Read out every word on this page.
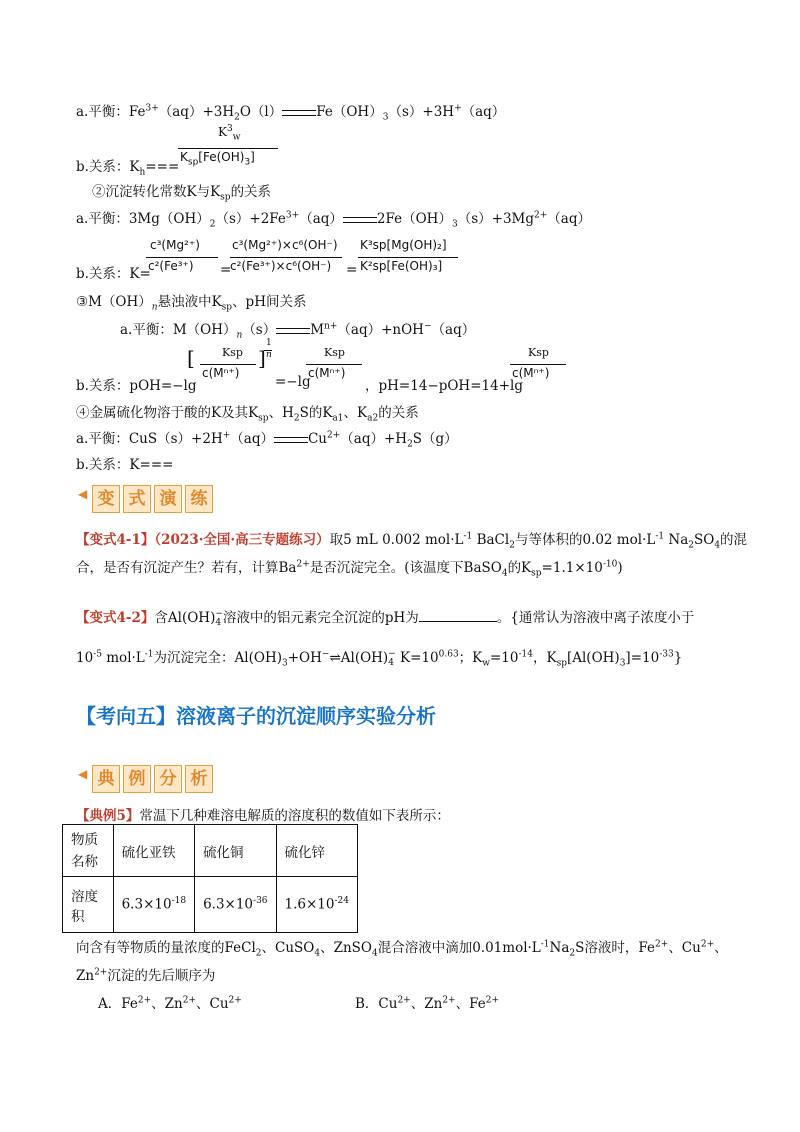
a.平衡：$Fe^{3+}(aq)+3H_2O(l)$	$Fe(OH)_3(s)+3H^+(aq)$
b.关系：$K_h===$
$K^3_w$
$K_{sp}[Fe(OH)_3]$
②沉淀转化常数K与$K_{sp}$的关系
a.平衡：$3Mg(OH)_2(s)+2Fe^{3+}(aq)$	$2Fe(OH)_3(s)+3Mg^{2+}(aq)$
b.关系：K=
c³(Mg²⁺)
c²(Fe³⁺) =
c³(Mg²⁺)×c⁶(OH⁻)
c²(Fe³⁺)×c⁶(OH⁻) =
K³sp[Mg(OH)₂]
K²sp[Fe(OH)₃]
$③M(OH)_n$悬浊液中$K_{sp}$、pH间关系
a.平衡：$M(OH)_n(s)$	$M^{n+}(aq)+nOH^-(aq)$
b.关系：pOH=−lg
[ Ksp
c(Mⁿ⁺)
]
1
n
=−lg
Ksp
c(Mⁿ⁺)
，pH=14−pOH=14+lg
Ksp
c(Mⁿ⁺)
④金属硫化物溶于酸的K及其$K_{sp}$、$H_2S$的$K_{a1}$、$K_{a2}$的关系
a.平衡：CuS（s）+2H+（aq）	$Cu^{2+}(aq)+H_2S(g)$
b.关系：K===
◀ 变 式 演 练
【变式4-1】（2023·全国·高三专题练习）取5 mL 0.002 $mol\cdot L^{-1}$ BaCl$_2$与等体积的0.02 $mol\cdot L^{-1}$ $Na_2SO_4$的混
合，是否有沉淀产生？若有，计算$Ba^{2+}$是否沉淀完全。(该温度下BaSO$_4$的$K_{sp}=1.1\times 10^{-10}$)
【变式4-2】含Al(OH) −
4 溶液中的铝元素完全沉淀的pH为	。{通常认为溶液中离子浓度小于
$10^{-5}$ $mol\cdot L^{-1}$为沉淀完全：$Al(OH)_3+OH^-\rightleftharpoons Al(OH)$ −
4 $K=10^{0.63}$；$K_w=10^{-14}$，$K_{sp}[Al(OH)_3]=10^{-33}$}
【考向五】溶液离子的沉淀顺序实验分析
◀ 典 例 分 析
【典例5】常温下几种难溶电解质的溶度积的数值如下表所示：
物质名称	硫化亚铁	硫化铜	硫化锌
溶度积	$6.3\times 10^{-18}$	$6.3\times 10^{-36}$	$1.6\times 10^{-24}$
向含有等物质的量浓度的FeCl$_2$、CuSO$_4$、ZnSO$_4$混合溶液中滴加$0.01mol\cdot L^{-1}Na_2S$溶液时，$Fe^{2+}$、$Cu^{2+}$、
$Zn^{2+}$沉淀的先后顺序为
A．$Fe^{2+}$、$Zn^{2+}$、$Cu^{2+}$	B．$Cu^{2+}$、$Zn^{2+}$、$Fe^{2+}$
